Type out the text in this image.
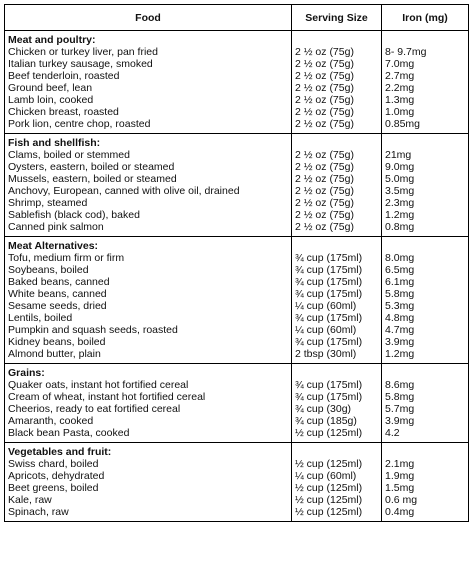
Food	Serving Size	Iron (mg)
Meat and poultry:		
Chicken or turkey liver, pan fried	2 ½ oz (75g)	8- 9.7mg
Italian turkey sausage, smoked	2 ½ oz (75g)	7.0mg
Beef tenderloin, roasted	2 ½ oz (75g)	2.7mg
Ground beef, lean	2 ½ oz (75g)	2.2mg
Lamb loin, cooked	2 ½ oz (75g)	1.3mg
Chicken breast, roasted	2 ½ oz (75g)	1.0mg
Pork lion, centre chop, roasted	2 ½ oz (75g)	0.85mg
Fish and shellfish:		
Clams, boiled or stemmed	2 ½ oz (75g)	21mg
Oysters, eastern, boiled or steamed	2 ½ oz (75g)	9.0mg
Mussels, eastern, boiled or steamed	2 ½ oz (75g)	5.0mg
Anchovy, European, canned with olive oil, drained	2 ½ oz (75g)	3.5mg
Shrimp, steamed	2 ½ oz (75g)	2.3mg
Sablefish (black cod), baked	2 ½ oz (75g)	1.2mg
Canned pink salmon	2 ½ oz (75g)	0.8mg
Meat Alternatives:		
Tofu, medium firm or firm	¾ cup (175ml)	8.0mg
Soybeans, boiled	¾ cup (175ml)	6.5mg
Baked beans, canned	¾ cup (175ml)	6.1mg
White beans, canned	¾ cup (175ml)	5.8mg
Sesame seeds, dried	¼ cup (60ml)	5.3mg
Lentils, boiled	¾ cup (175ml)	4.8mg
Pumpkin and squash seeds, roasted	¼ cup (60ml)	4.7mg
Kidney beans, boiled	¾ cup (175ml)	3.9mg
Almond butter, plain	2 tbsp (30ml)	1.2mg
Grains:		
Quaker oats, instant hot fortified cereal	¾ cup (175ml)	8.6mg
Cream of wheat, instant hot fortified cereal	¾ cup (175ml)	5.8mg
Cheerios, ready to eat fortified cereal	¾ cup (30g)	5.7mg
Amaranth, cooked	¾ cup (185g)	3.9mg
Black bean Pasta, cooked	½ cup (125ml)	4.2
Vegetables and fruit:		
Swiss chard, boiled	½ cup (125ml)	2.1mg
Apricots, dehydrated	¼ cup (60ml)	1.9mg
Beet greens, boiled	½ cup (125ml)	1.5mg
Kale, raw	½ cup (125ml)	0.6 mg
Spinach, raw	½ cup (125ml)	0.4mg
